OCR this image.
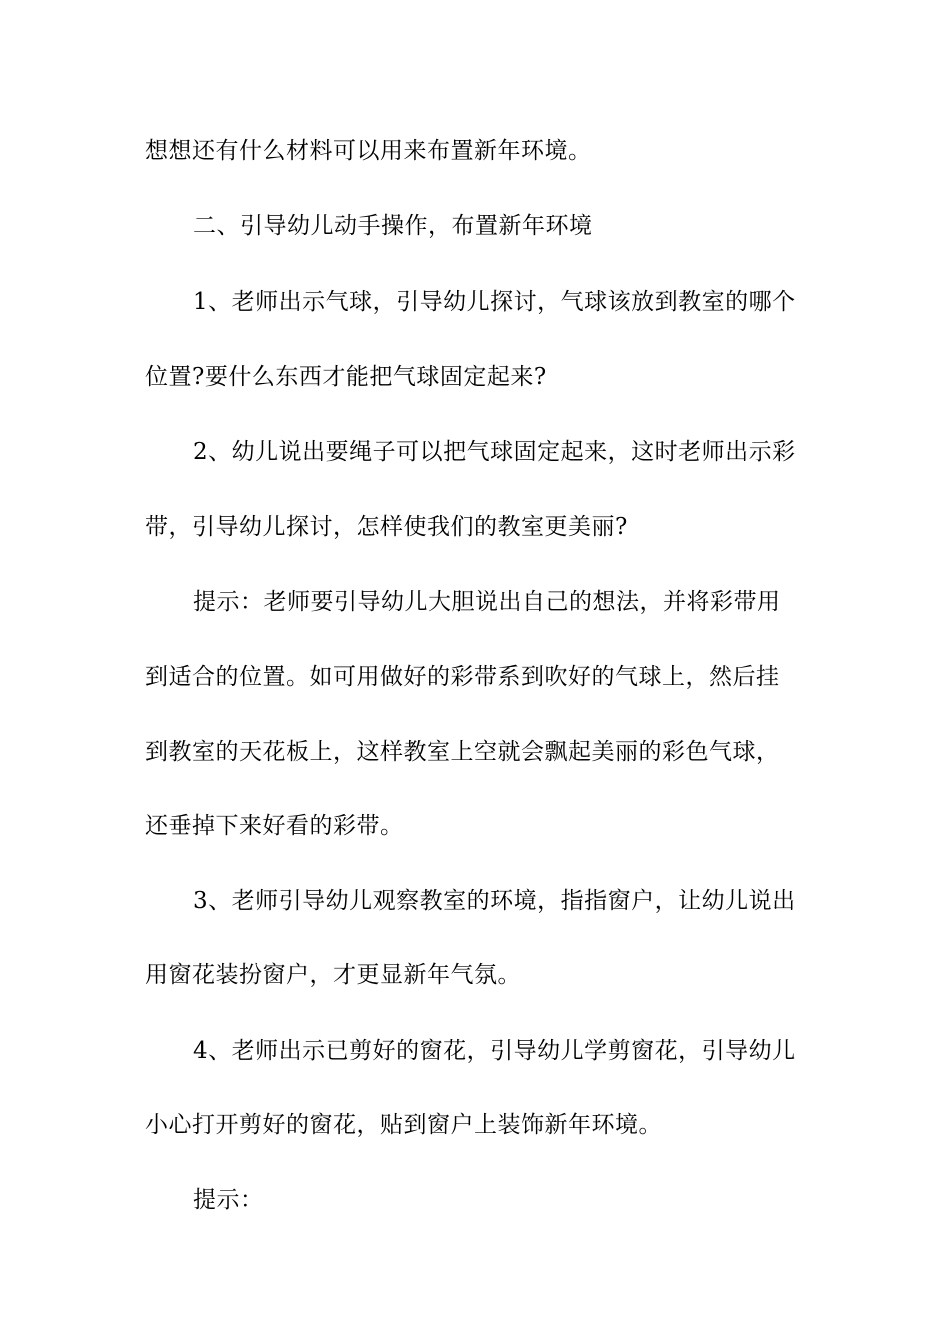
想想还有什么材料可以用来布置新年环境。
二、引导幼儿动手操作，布置新年环境
1、老师出示气球，引导幼儿探讨，气球该放到教室的哪个
位置?要什么东西才能把气球固定起来?
2、幼儿说出要绳子可以把气球固定起来，这时老师出示彩
带，引导幼儿探讨，怎样使我们的教室更美丽?
提示：老师要引导幼儿大胆说出自己的想法，并将彩带用
到适合的位置。如可用做好的彩带系到吹好的气球上，然后挂
到教室的天花板上，这样教室上空就会飘起美丽的彩色气球，
还垂掉下来好看的彩带。
3、老师引导幼儿观察教室的环境，指指窗户，让幼儿说出
用窗花装扮窗户，才更显新年气氛。
4、老师出示已剪好的窗花，引导幼儿学剪窗花，引导幼儿
小心打开剪好的窗花，贴到窗户上装饰新年环境。
提示：
